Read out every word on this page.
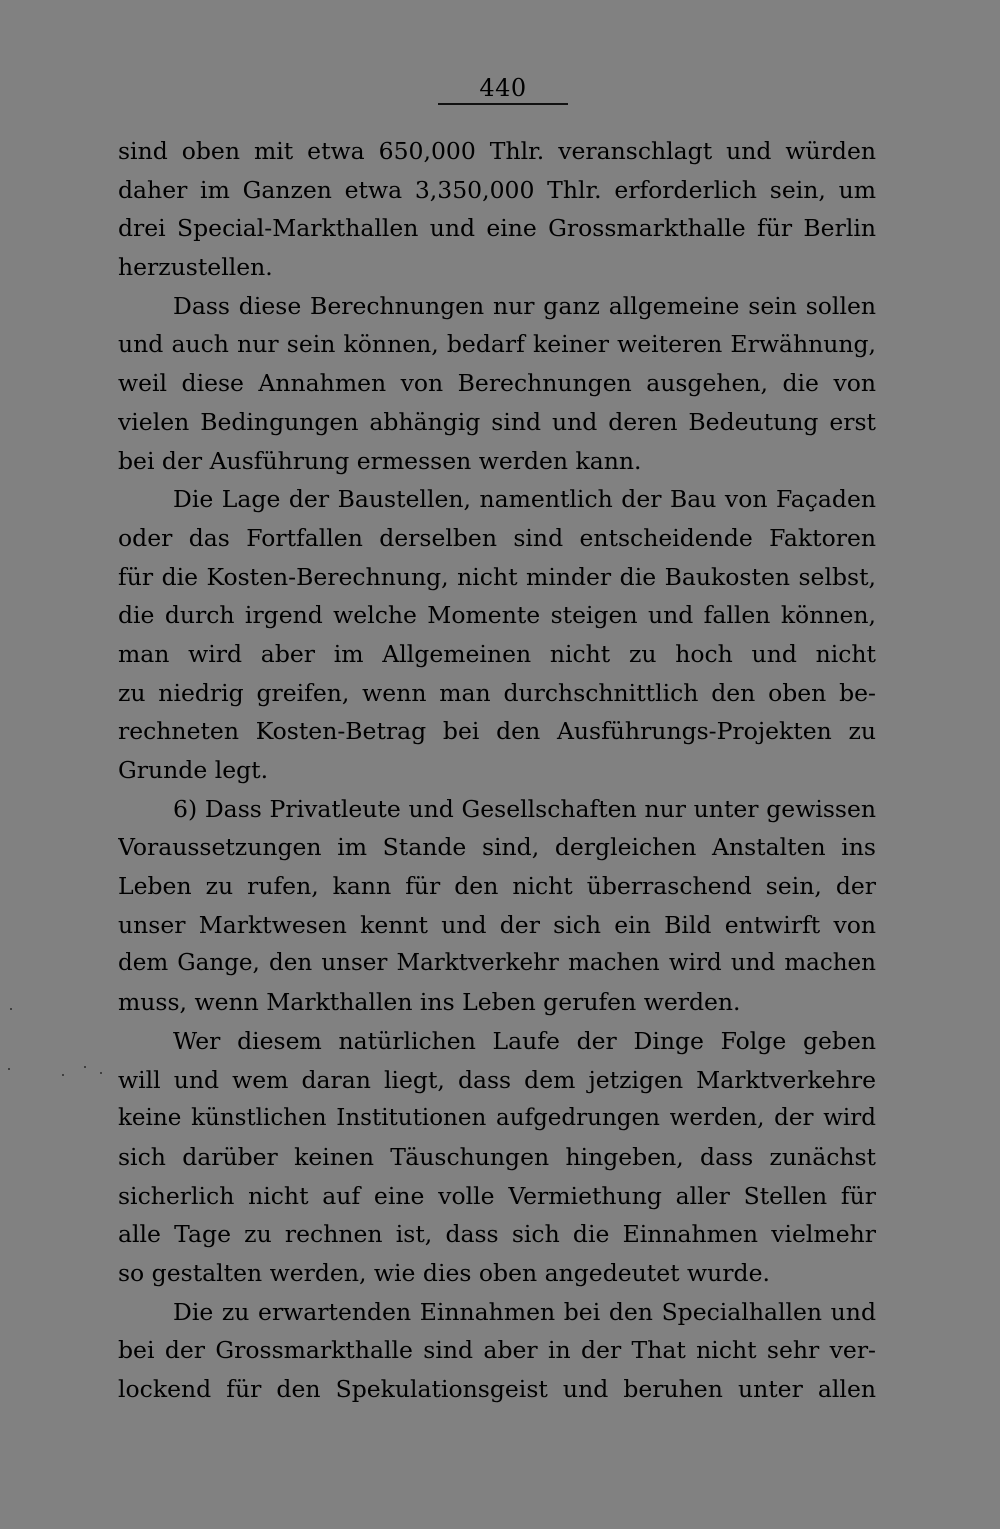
440
sind oben mit etwa 650,000 Thlr. veranschlagt und würden
daher im Ganzen etwa 3,350,000 Thlr. erforderlich sein, um
drei Special-Markthallen und eine Grossmarkthalle für Berlin
herzustellen.
Dass diese Berechnungen nur ganz allgemeine sein sollen
und auch nur sein können, bedarf keiner weiteren Erwähnung,
weil diese Annahmen von Berechnungen ausgehen, die von
vielen Bedingungen abhängig sind und deren Bedeutung erst
bei der Ausführung ermessen werden kann.
Die Lage der Baustellen, namentlich der Bau von Façaden
oder das Fortfallen derselben sind entscheidende Faktoren
für die Kosten-Berechnung, nicht minder die Baukosten selbst,
die durch irgend welche Momente steigen und fallen können,
man wird aber im Allgemeinen nicht zu hoch und nicht
zu niedrig greifen, wenn man durchschnittlich den oben be-
rechneten Kosten-Betrag bei den Ausführungs-Projekten zu
Grunde legt.
6) Dass Privatleute und Gesellschaften nur unter gewissen
Voraussetzungen im Stande sind, dergleichen Anstalten ins
Leben zu rufen, kann für den nicht überraschend sein, der
unser Marktwesen kennt und der sich ein Bild entwirft von
dem Gange, den unser Marktverkehr machen wird und machen
muss, wenn Markthallen ins Leben gerufen werden.
Wer diesem natürlichen Laufe der Dinge Folge geben
will und wem daran liegt, dass dem jetzigen Marktverkehre
keine künstlichen Institutionen aufgedrungen werden, der wird
sich darüber keinen Täuschungen hingeben, dass zunächst
sicherlich nicht auf eine volle Vermiethung aller Stellen für
alle Tage zu rechnen ist, dass sich die Einnahmen vielmehr
so gestalten werden, wie dies oben angedeutet wurde.
Die zu erwartenden Einnahmen bei den Specialhallen und
bei der Grossmarkthalle sind aber in der That nicht sehr ver-
lockend für den Spekulationsgeist und beruhen unter allen
